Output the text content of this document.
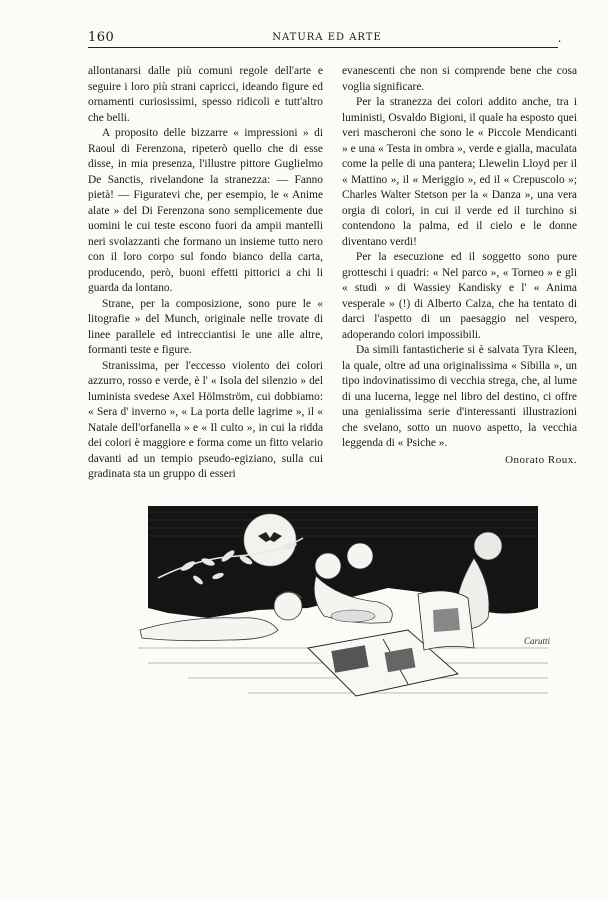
160	NATURA ED ARTE	.

allontanarsi dalle più comuni regole dell'arte e seguire i loro più strani capricci, ideando figure ed ornamenti curiosissimi, spesso ridicoli e tutt'altro che belli.

A proposito delle bizzarre « impressioni » di Raoul di Ferenzona, ripeterò quello che di esse disse, in mia presenza, l'illustre pittore Guglielmo De Sanctis, rivelandone la stranezza: — Fanno pietà! — Figuratevi che, per esempio, le « Anime alate » del Di Ferenzona sono semplicemente due uomini le cui teste escono fuori da ampii mantelli neri svolazzanti che formano un insieme tutto nero con il loro corpo sul fondo bianco della carta, producendo, però, buoni effetti pittorici a chi li guarda da lontano.

Strane, per la composizione, sono pure le « litografie » del Munch, originale nelle trovate di linee parallele ed intrecciantisi le une alle altre, formanti teste e figure.

Stranissima, per l'eccesso violento dei colori azzurro, rosso e verde, è l' « Isola del silenzio » del luminista svedese Axel Hölmström, cui dobbiamo: « Sera d' inverno », « La porta delle lagrime », il « Natale dell'orfanella » e « Il culto », in cui la ridda dei colori è maggiore e forma come un fitto velario davanti ad un tempio pseudo-egiziano, sulla cui gradinata sta un gruppo di esseri

evanescenti che non si comprende bene che cosa voglia significare.

Per la stranezza dei colori addito anche, tra i luministi, Osvaldo Bigioni, il quale ha esposto quei veri mascheroni che sono le « Piccole Mendicanti » e una « Testa in ombra », verde e gialla, maculata come la pelle di una pantera; Llewelin Lloyd per il « Mattino », il « Meriggio », ed il « Crepuscolo »; Charles Walter Stetson per la « Danza », una vera orgia di colori, in cui il verde ed il turchino si contendono la palma, ed il cielo e le donne diventano verdi!

Per la esecuzione ed il soggetto sono pure grotteschi i quadri: « Nel parco », « Torneo » e gli « studi » di Wassiey Kandisky e l' « Anima vesperale » (!) di Alberto Calza, che ha tentato di darci l'aspetto di un paesaggio nel vespero, adoperando colori impossibili.

Da simili fantasticherie si è salvata Tyra Kleen, la quale, oltre ad una originalissima « Sibilla », un tipo indovinatissimo di vecchia strega, che, al lume di una lucerna, legge nel libro del destino, ci offre una genialissima serie d'interessanti illustrazioni che svelano, sotto un nuovo aspetto, la vecchia leggenda di « Psiche ».

Onorato Roux.
Carutti
